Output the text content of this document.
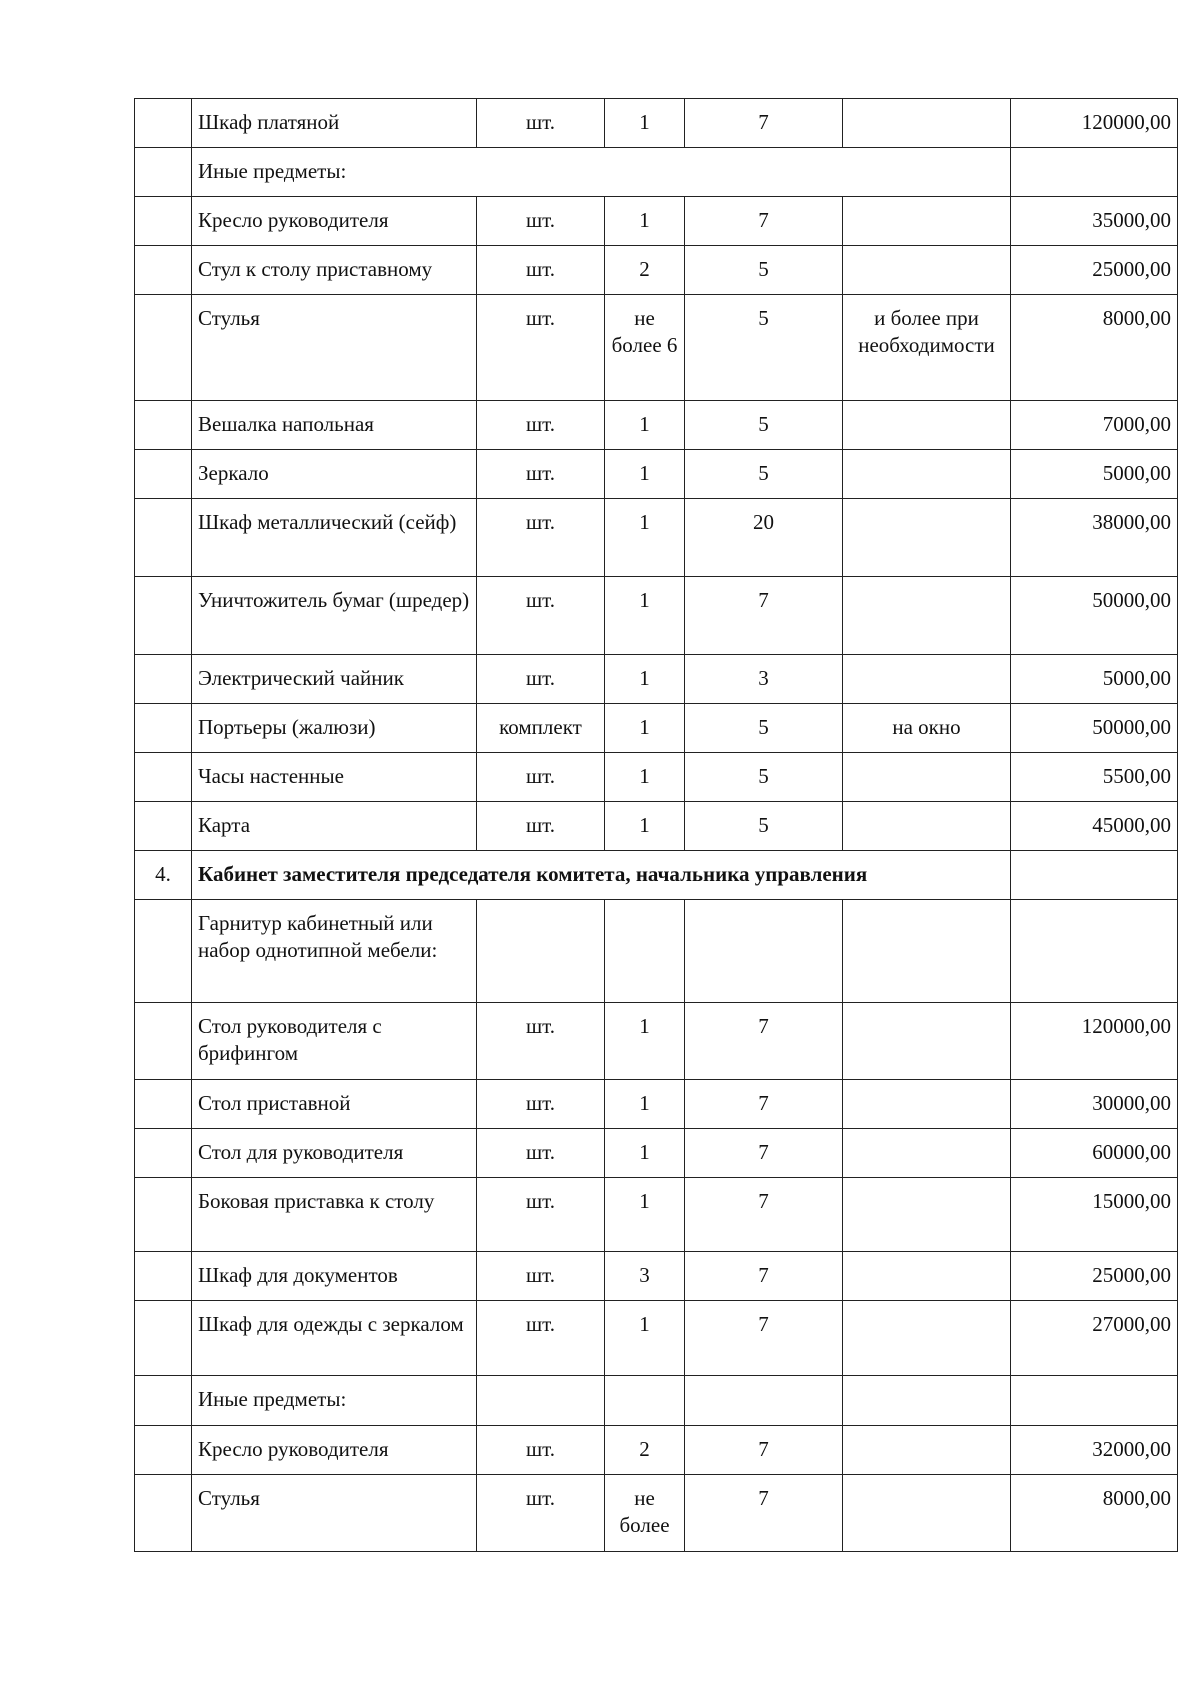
	Шкаф платяной	шт.	1	7		120000,00
	Иные предметы:					
	Кресло руководителя	шт.	1	7		35000,00
	Стул к столу приставному	шт.	2	5		25000,00
	Стулья	шт.	не более 6	5	и более при необходимости	8000,00
	Вешалка напольная	шт.	1	5		7000,00
	Зеркало	шт.	1	5		5000,00
	Шкаф металлический (сейф)	шт.	1	20		38000,00
	Уничтожитель бумаг (шредер)	шт.	1	7		50000,00
	Электрический чайник	шт.	1	3		5000,00
	Портьеры (жалюзи)	комплект	1	5	на окно	50000,00
	Часы настенные	шт.	1	5		5500,00
	Карта	шт.	1	5		45000,00
4.	Кабинет заместителя председателя комитета, начальника управления					
	Гарнитур кабинетный или набор однотипной мебели:					
	Стол руководителя с брифингом	шт.	1	7		120000,00
	Стол приставной	шт.	1	7		30000,00
	Стол для руководителя	шт.	1	7		60000,00
	Боковая приставка к столу	шт.	1	7		15000,00
	Шкаф для документов	шт.	3	7		25000,00
	Шкаф для одежды с зеркалом	шт.	1	7		27000,00
	Иные предметы:					
	Кресло руководителя	шт.	2	7		32000,00
	Стулья	шт.	не более	7		8000,00
